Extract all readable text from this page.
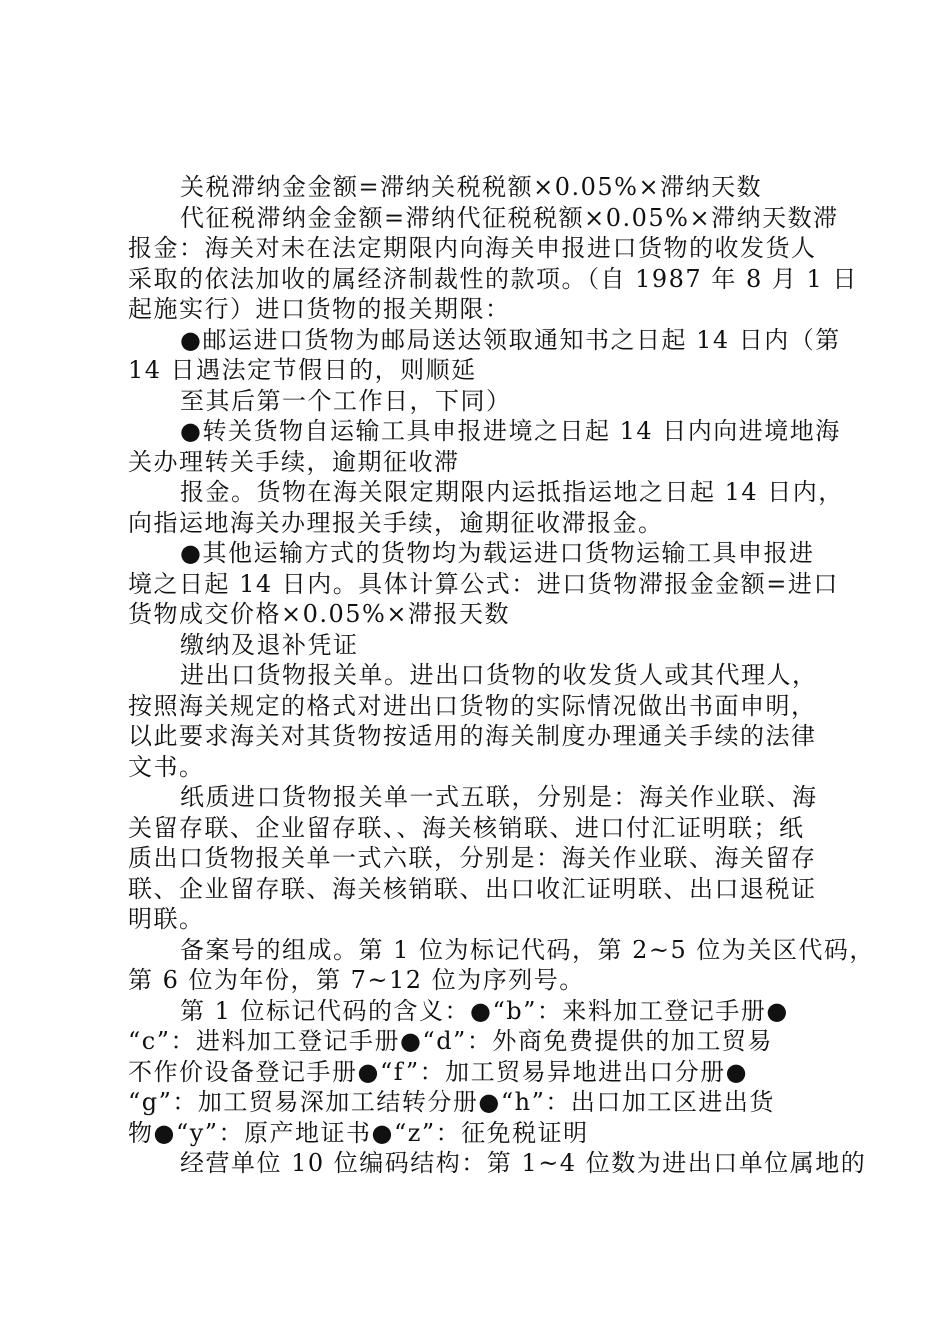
关税滞纳金金额=滞纳关税税额×0.05%×滞纳天数
代征税滞纳金金额=滞纳代征税税额×0.05%×滞纳天数滞
报金：海关对未在法定期限内向海关申报进口货物的收发货人
采取的依法加收的属经济制裁性的款项。（自 1987 年 8 月 1 日
起施实行）进口货物的报关期限：
●邮运进口货物为邮局送达领取通知书之日起 14 日内（第
14 日遇法定节假日的，则顺延
至其后第一个工作日，下同）
●转关货物自运输工具申报进境之日起 14 日内向进境地海
关办理转关手续，逾期征收滞
报金。货物在海关限定期限内运抵指运地之日起 14 日内，
向指运地海关办理报关手续，逾期征收滞报金。
●其他运输方式的货物均为载运进口货物运输工具申报进
境之日起 14 日内。具体计算公式：进口货物滞报金金额=进口
货物成交价格×0.05%×滞报天数
缴纳及退补凭证
进出口货物报关单。进出口货物的收发货人或其代理人，
按照海关规定的格式对进出口货物的实际情况做出书面申明，
以此要求海关对其货物按适用的海关制度办理通关手续的法律
文书。
纸质进口货物报关单一式五联，分别是：海关作业联、海
关留存联、企业留存联、、海关核销联、进口付汇证明联；纸
质出口货物报关单一式六联，分别是：海关作业联、海关留存
联、企业留存联、海关核销联、出口收汇证明联、出口退税证
明联。
备案号的组成。第 1 位为标记代码，第 2~5 位为关区代码，
第 6 位为年份，第 7~12 位为序列号。
第 1 位标记代码的含义：●“b”：来料加工登记手册●
“c”：进料加工登记手册●“d”：外商免费提供的加工贸易
不作价设备登记手册●“f”：加工贸易异地进出口分册●
“g”：加工贸易深加工结转分册●“h”：出口加工区进出货
物●“y”：原产地证书●“z”：征免税证明
经营单位 10 位编码结构：第 1~4 位数为进出口单位属地的
